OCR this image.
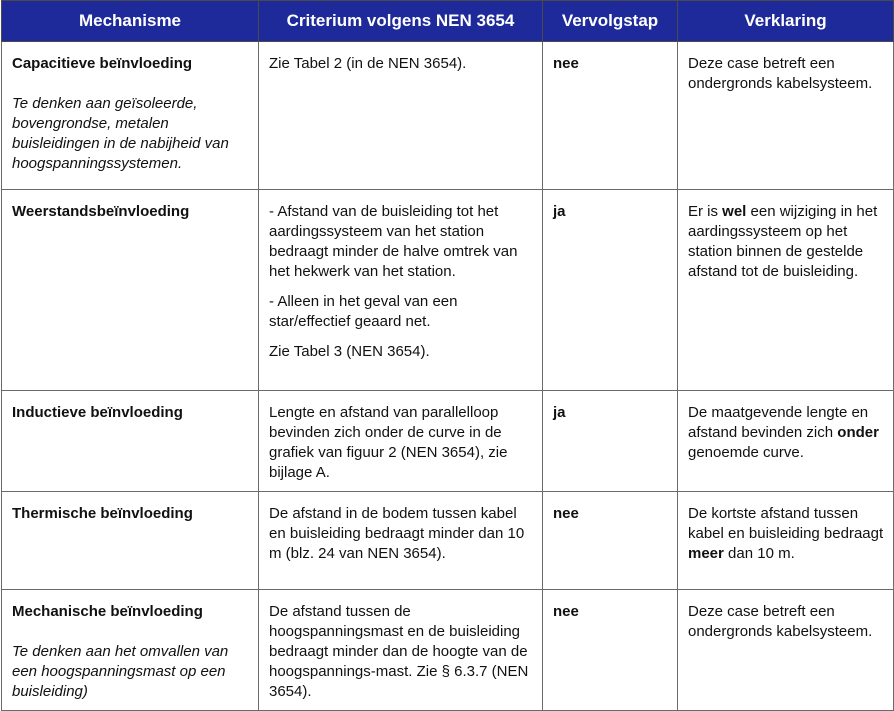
Mechanisme	Criterium volgens NEN 3654	Vervolgstap	Verklaring

Capacitieve beïnvloeding
Te denken aan geïsoleerde, bovengrondse, metalen buisleidingen in de nabijheid van hoogspanningssystemen.	Zie Tabel 2 (in de NEN 3654).	nee	Deze case betreft een ondergronds kabelsysteem.

Weerstandsbeïnvloeding	- Afstand van de buisleiding tot het aardingssysteem van het station bedraagt minder de halve omtrek van het hekwerk van het station.
- Alleen in het geval van een star/effectief geaard net.
Zie Tabel 3 (NEN 3654).	ja	Er is wel een wijziging in het aardingssysteem op het station binnen de gestelde afstand tot de buisleiding.

Inductieve beïnvloeding	Lengte en afstand van parallelloop bevinden zich onder de curve in de grafiek van figuur 2 (NEN 3654), zie bijlage A.	ja	De maatgevende lengte en afstand bevinden zich onder genoemde curve.

Thermische beïnvloeding	De afstand in de bodem tussen kabel en buisleiding bedraagt minder dan 10 m (blz. 24 van NEN 3654).	nee	De kortste afstand tussen kabel en buisleiding bedraagt meer dan 10 m.

Mechanische beïnvloeding
Te denken aan het omvallen van een hoogspanningsmast op een buisleiding)	De afstand tussen de hoogspanningsmast en de buisleiding bedraagt minder dan de hoogte van de hoogspannings-mast. Zie § 6.3.7 (NEN 3654).	nee	Deze case betreft een ondergronds kabelsysteem.
